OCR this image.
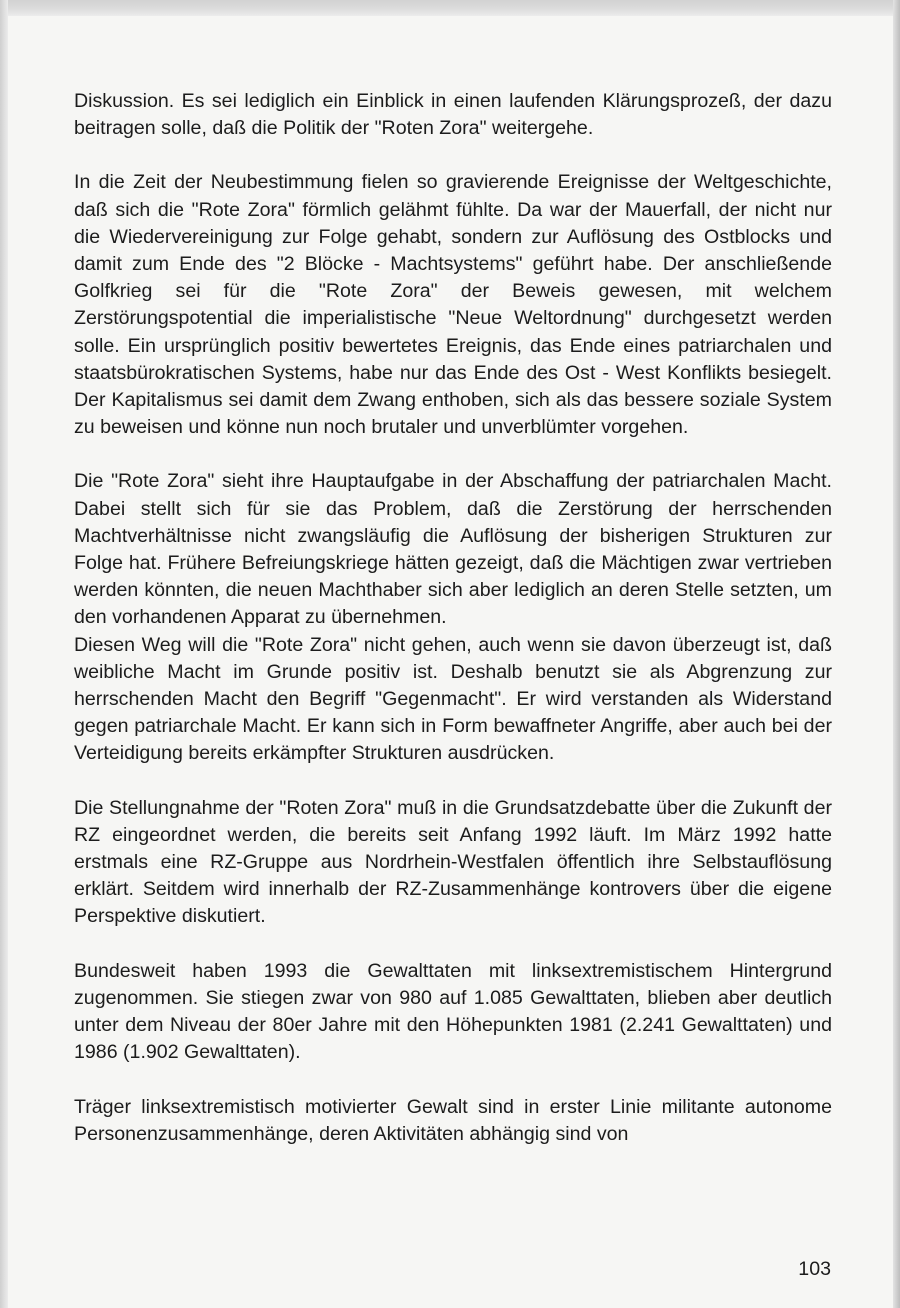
Diskussion. Es sei lediglich ein Einblick in einen laufenden Klärungsprozeß, der dazu beitragen solle, daß die Politik der "Roten Zora" weitergehe.

In die Zeit der Neubestimmung fielen so gravierende Ereignisse der Weltgeschichte, daß sich die "Rote Zora" förmlich gelähmt fühlte. Da war der Mauerfall, der nicht nur die Wiedervereinigung zur Folge gehabt, sondern zur Auflösung des Ostblocks und damit zum Ende des "2 Blöcke - Machtsystems" geführt habe. Der anschließende Golfkrieg sei für die "Rote Zora" der Beweis gewesen, mit welchem Zerstörungspotential die imperialistische "Neue Weltordnung" durchgesetzt werden solle. Ein ursprünglich positiv bewertetes Ereignis, das Ende eines patriarchalen und staatsbürokratischen Systems, habe nur das Ende des Ost - West Konflikts besiegelt. Der Kapitalismus sei damit dem Zwang enthoben, sich als das bessere soziale System zu beweisen und könne nun noch brutaler und unverblümter vorgehen.

Die "Rote Zora" sieht ihre Hauptaufgabe in der Abschaffung der patriarchalen Macht. Dabei stellt sich für sie das Problem, daß die Zerstörung der herrschenden Machtverhältnisse nicht zwangsläufig die Auflösung der bisherigen Strukturen zur Folge hat. Frühere Befreiungskriege hätten gezeigt, daß die Mächtigen zwar vertrieben werden könnten, die neuen Machthaber sich aber lediglich an deren Stelle setzten, um den vorhandenen Apparat zu übernehmen.

Diesen Weg will die "Rote Zora" nicht gehen, auch wenn sie davon überzeugt ist, daß weibliche Macht im Grunde positiv ist. Deshalb benutzt sie als Abgrenzung zur herrschenden Macht den Begriff "Gegenmacht". Er wird verstanden als Widerstand gegen patriarchale Macht. Er kann sich in Form bewaffneter Angriffe, aber auch bei der Verteidigung bereits erkämpfter Strukturen ausdrücken.

Die Stellungnahme der "Roten Zora" muß in die Grundsatzdebatte über die Zukunft der RZ eingeordnet werden, die bereits seit Anfang 1992 läuft. Im März 1992 hatte erstmals eine RZ-Gruppe aus Nordrhein-Westfalen öffentlich ihre Selbstauflösung erklärt. Seitdem wird innerhalb der RZ-Zusammenhänge kontrovers über die eigene Perspektive diskutiert.

Bundesweit haben 1993 die Gewalttaten mit linksextremistischem Hintergrund zugenommen. Sie stiegen zwar von 980 auf 1.085 Gewalttaten, blieben aber deutlich unter dem Niveau der 80er Jahre mit den Höhepunkten 1981 (2.241 Gewalttaten) und 1986 (1.902 Gewalttaten).

Träger linksextremistisch motivierter Gewalt sind in erster Linie militante autonome Personenzusammenhänge, deren Aktivitäten abhängig sind von

103
